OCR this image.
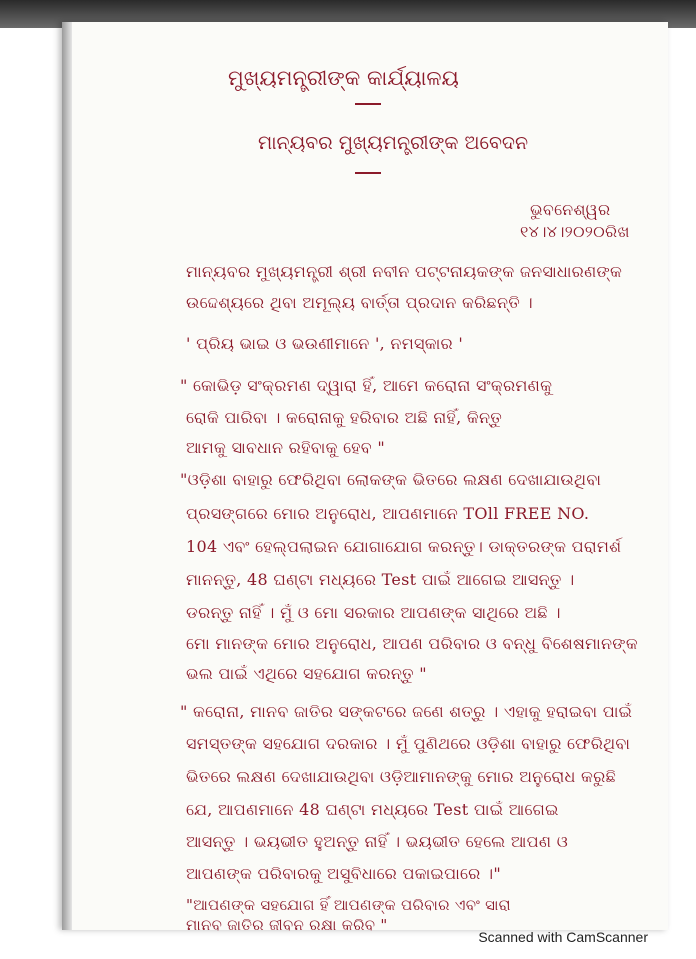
ମୁଖ୍ୟମନ୍ତ୍ରୀଙ୍କ କାର୍ଯ୍ୟାଳୟ
ମାନ୍ୟବର ମୁଖ୍ୟମନ୍ତ୍ରୀଙ୍କ ଅବେଦନ
ଭୁବନେଶ୍ୱର
୧୪।୪।୨୦୨୦ରିଖ
ମାନ୍ୟବର ମୁଖ୍ୟମନ୍ତ୍ରୀ ଶ୍ରୀ ନବୀନ ପଟ୍ଟନାୟକଙ୍କ ଜନସାଧାରଣଙ୍କ
ଉଦ୍ଦେଶ୍ୟରେ ଥିବା ଅମୂଲ୍ୟ ବାର୍ତ୍ତା ପ୍ରଦାନ କରିଛନ୍ତି ।
' ପ୍ରିୟ ଭାଇ ଓ ଭଉଣୀମାନେ ', ନମସ୍କାର '
" କୋଭିଡ଼ ସଂକ୍ରମଣ ଦ୍ୱାରା ହିଁ, ଆମେ କରୋନା ସଂକ୍ରମଣକୁ
ରୋକି ପାରିବା । କରୋନାକୁ ହରିବାର ଅଛି ନାହିଁ, କିନ୍ତୁ
ଆମକୁ ସାବଧାନ ରହିବାକୁ ହେବ "
"ଓଡ଼ିଶା ବାହାରୁ ଫେରିଥିବା ଲୋକଙ୍କ ଭିତରେ ଲକ୍ଷଣ ଦେଖାଯାଉଥିବା
ପ୍ରସଙ୍ଗରେ ମୋର ଅନୁରୋଧ, ଆପଣମାନେ TOll FREE NO.
104 ଏବଂ ହେଲ୍ପଲାଇନ ଯୋଗାଯୋଗ କରନ୍ତୁ। ଡାକ୍ତରଙ୍କ ପରାମର୍ଶ
ମାନନ୍ତୁ, 48 ଘଣ୍ଟା ମଧ୍ୟରେ Test ପାଇଁ ଆଗେଇ ଆସନ୍ତୁ ।
ଡରନ୍ତୁ ନାହିଁ । ମୁଁ ଓ ମୋ ସରକାର ଆପଣଙ୍କ ସାଥିରେ ଅଛି ।
ମୋ ମାନଙ୍କ ମୋର ଅନୁରୋଧ, ଆପଣ ପରିବାର ଓ ବନ୍ଧୁ ବିଶେଷମାନଙ୍କ
ଭଲ ପାଇଁ ଏଥିରେ ସହଯୋଗ କରନ୍ତୁ "
" କରୋନା, ମାନବ ଜାତିର ସଙ୍କଟରେ ଜଣେ ଶତ୍ରୁ । ଏହାକୁ ହରାଇବା ପାଇଁ
ସମସ୍ତଙ୍କ ସହଯୋଗ ଦରକାର । ମୁଁ ପୁଣିଥରେ ଓଡ଼ିଶା ବାହାରୁ ଫେରିଥିବା
ଭିତରେ ଲକ୍ଷଣ ଦେଖାଯାଉଥିବା ଓଡ଼ିଆମାନଙ୍କୁ ମୋର ଅନୁରୋଧ କରୁଛି
ଯେ, ଆପଣମାନେ 48 ଘଣ୍ଟା ମଧ୍ୟରେ Test ପାଇଁ ଆଗେଇ
ଆସନ୍ତୁ । ଭୟଭୀତ ହୁଅନ୍ତୁ ନାହିଁ । ଭୟଭୀତ ହେଲେ ଆପଣ ଓ
ଆପଣଙ୍କ ପରିବାରକୁ ଅସୁବିଧାରେ ପକାଇପାରେ ।"
"ଆପଣଙ୍କ ସହଯୋଗ ହିଁ ଆପଣଙ୍କ ପରିବାର ଏବଂ ସାରା
ମାନବ ଜାତିର ଜୀବନ ରକ୍ଷା କରିବ "
Scanned with CamScanner
